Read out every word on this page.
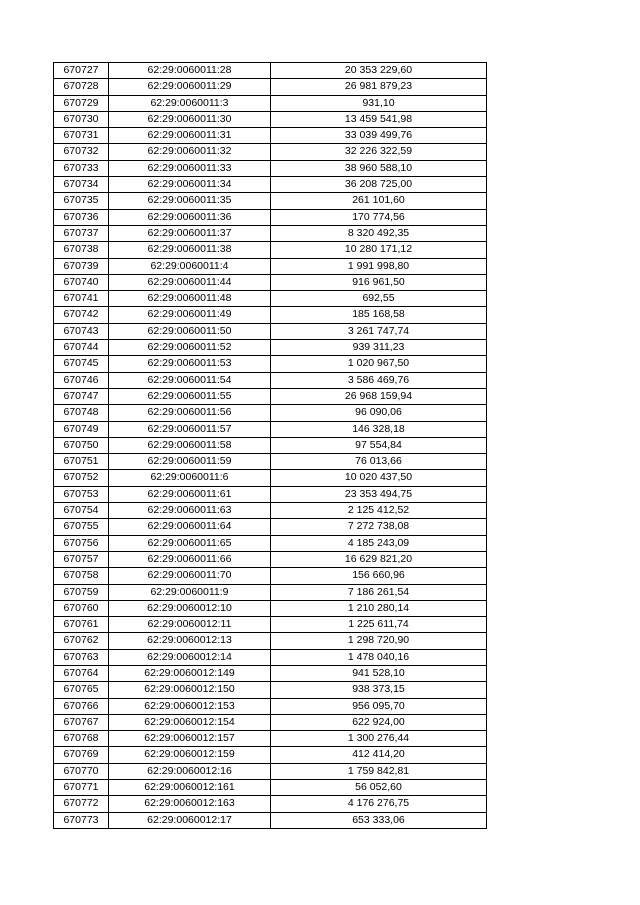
670727	62:29:0060011:28	20 353 229,60
670728	62:29:0060011:29	26 981 879,23
670729	62:29:0060011:3	931,10
670730	62:29:0060011:30	13 459 541,98
670731	62:29:0060011:31	33 039 499,76
670732	62:29:0060011:32	32 226 322,59
670733	62:29:0060011:33	38 960 588,10
670734	62:29:0060011:34	36 208 725,00
670735	62:29:0060011:35	261 101,60
670736	62:29:0060011:36	170 774,56
670737	62:29:0060011:37	8 320 492,35
670738	62:29:0060011:38	10 280 171,12
670739	62:29:0060011:4	1 991 998,80
670740	62:29:0060011:44	916 961,50
670741	62:29:0060011:48	692,55
670742	62:29:0060011:49	185 168,58
670743	62:29:0060011:50	3 261 747,74
670744	62:29:0060011:52	939 311,23
670745	62:29:0060011:53	1 020 967,50
670746	62:29:0060011:54	3 586 469,76
670747	62:29:0060011:55	26 968 159,94
670748	62:29:0060011:56	96 090,06
670749	62:29:0060011:57	146 328,18
670750	62:29:0060011:58	97 554,84
670751	62:29:0060011:59	76 013,66
670752	62:29:0060011:6	10 020 437,50
670753	62:29:0060011:61	23 353 494,75
670754	62:29:0060011:63	2 125 412,52
670755	62:29:0060011:64	7 272 738,08
670756	62:29:0060011:65	4 185 243,09
670757	62:29:0060011:66	16 629 821,20
670758	62:29:0060011:70	156 660,96
670759	62:29:0060011:9	7 186 261,54
670760	62:29:0060012:10	1 210 280,14
670761	62:29:0060012:11	1 225 611,74
670762	62:29:0060012:13	1 298 720,90
670763	62:29:0060012:14	1 478 040,16
670764	62:29:0060012:149	941 528,10
670765	62:29:0060012:150	938 373,15
670766	62:29:0060012:153	956 095,70
670767	62:29:0060012:154	622 924,00
670768	62:29:0060012:157	1 300 276,44
670769	62:29:0060012:159	412 414,20
670770	62:29:0060012:16	1 759 842,81
670771	62:29:0060012:161	56 052,60
670772	62:29:0060012:163	4 176 276,75
670773	62:29:0060012:17	653 333,06
